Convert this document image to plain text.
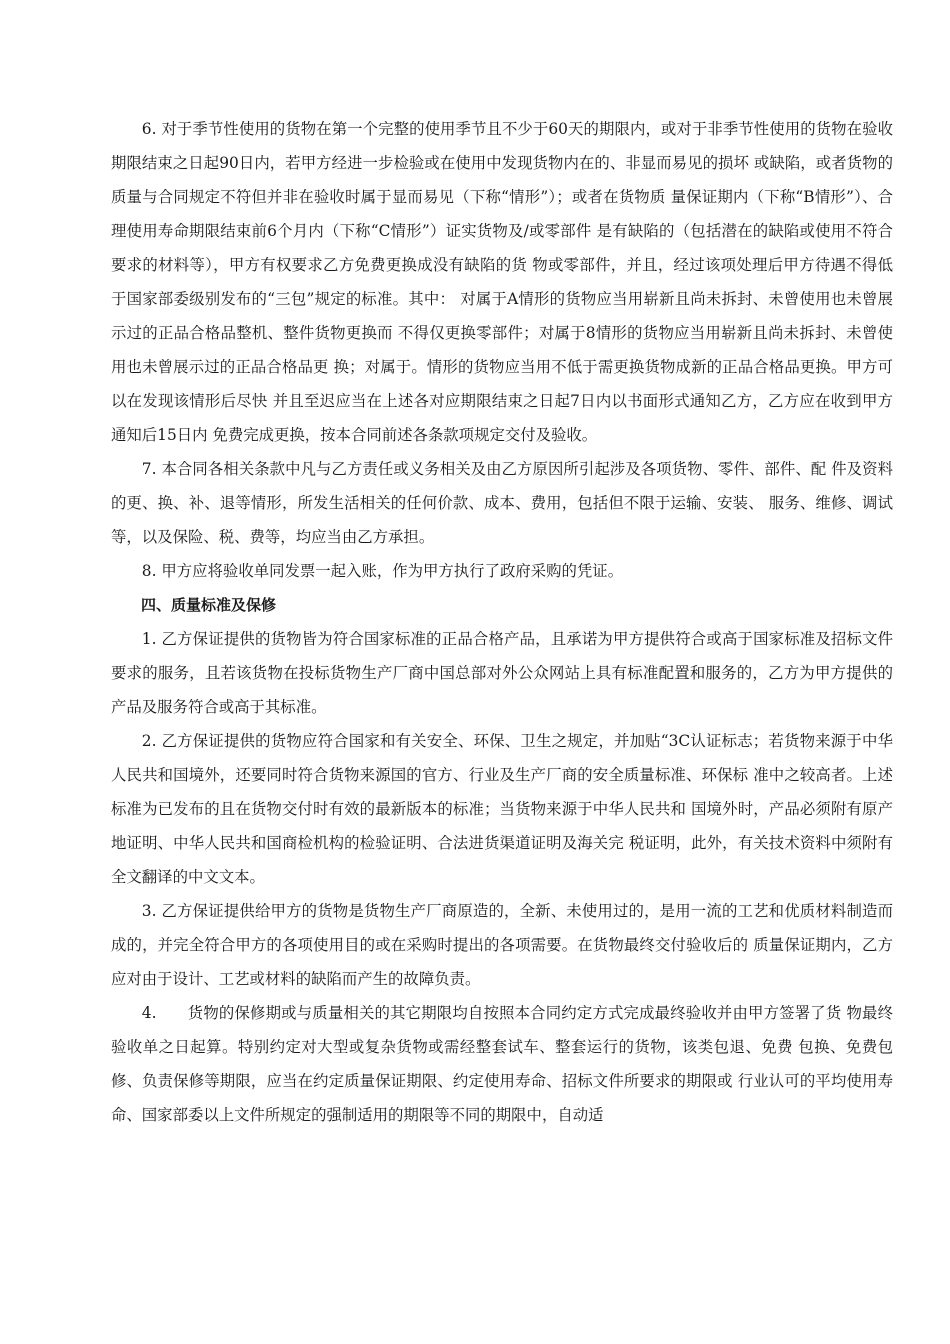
6. 对于季节性使用的货物在第一个完整的使用季节且不少于60天的期限内，或对于非季节性使用的货物在验收期限结束之日起90日内，若甲方经进一步检验或在使用中发现货物内在的、非显而易见的损坏 或缺陷，或者货物的质量与合同规定不符但并非在验收时属于显而易见（下称“情形”）；或者在货物质 量保证期内（下称“B情形”）、合理使用寿命期限结束前6个月内（下称“C情形”）证实货物及/或零部件 是有缺陷的（包括潜在的缺陷或使用不符合要求的材料等），甲方有权要求乙方免费更换成没有缺陷的货 物或零部件，并且，经过该项处理后甲方待遇不得低于国家部委级别发布的“三包”规定的标准。其中： 对属于A情形的货物应当用崭新且尚未拆封、未曾使用也未曾展示过的正品合格品整机、整件货物更换而 不得仅更换零部件；对属于8情形的货物应当用崭新且尚未拆封、未曾使用也未曾展示过的正品合格品更 换；对属于。情形的货物应当用不低于需更换货物成新的正品合格品更换。甲方可以在发现该情形后尽快 并且至迟应当在上述各对应期限结束之日起7日内以书面形式通知乙方，乙方应在收到甲方通知后15日内 免费完成更换，按本合同前述各条款项规定交付及验收。

7. 本合同各相关条款中凡与乙方责任或义务相关及由乙方原因所引起涉及各项货物、零件、部件、配 件及资料的更、换、补、退等情形，所发生活相关的任何价款、成本、费用，包括但不限于运输、安装、 服务、维修、调试等，以及保险、税、费等，均应当由乙方承担。

8. 甲方应将验收单同发票一起入账，作为甲方执行了政府采购的凭证。

四、质量标准及保修

1. 乙方保证提供的货物皆为符合国家标准的正品合格产品，且承诺为甲方提供符合或高于国家标准及招标文件要求的服务，且若该货物在投标货物生产厂商中国总部对外公众网站上具有标准配置和服务的，乙方为甲方提供的产品及服务符合或高于其标准。

2. 乙方保证提供的货物应符合国家和有关安全、环保、卫生之规定，并加贴“3C认证标志；若货物来源于中华人民共和国境外，还要同时符合货物来源国的官方、行业及生产厂商的安全质量标准、环保标 准中之较高者。上述标准为已发布的且在货物交付时有效的最新版本的标准；当货物来源于中华人民共和 国境外时，产品必须附有原产地证明、中华人民共和国商检机构的检验证明、合法进货渠道证明及海关完 税证明，此外，有关技术资料中须附有全文翻译的中文文本。

3. 乙方保证提供给甲方的货物是货物生产厂商原造的，全新、未使用过的，是用一流的工艺和优质材料制造而成的，并完全符合甲方的各项使用目的或在采购时提出的各项需要。在货物最终交付验收后的 质量保证期内，乙方应对由于设计、工艺或材料的缺陷而产生的故障负责。

4.　　货物的保修期或与质量相关的其它期限均自按照本合同约定方式完成最终验收并由甲方签署了货 物最终验收单之日起算。特别约定对大型或复杂货物或需经整套试车、整套运行的货物，该类包退、免费 包换、免费包修、负责保修等期限，应当在约定质量保证期限、约定使用寿命、招标文件所要求的期限或 行业认可的平均使用寿命、国家部委以上文件所规定的强制适用的期限等不同的期限中，自动适
